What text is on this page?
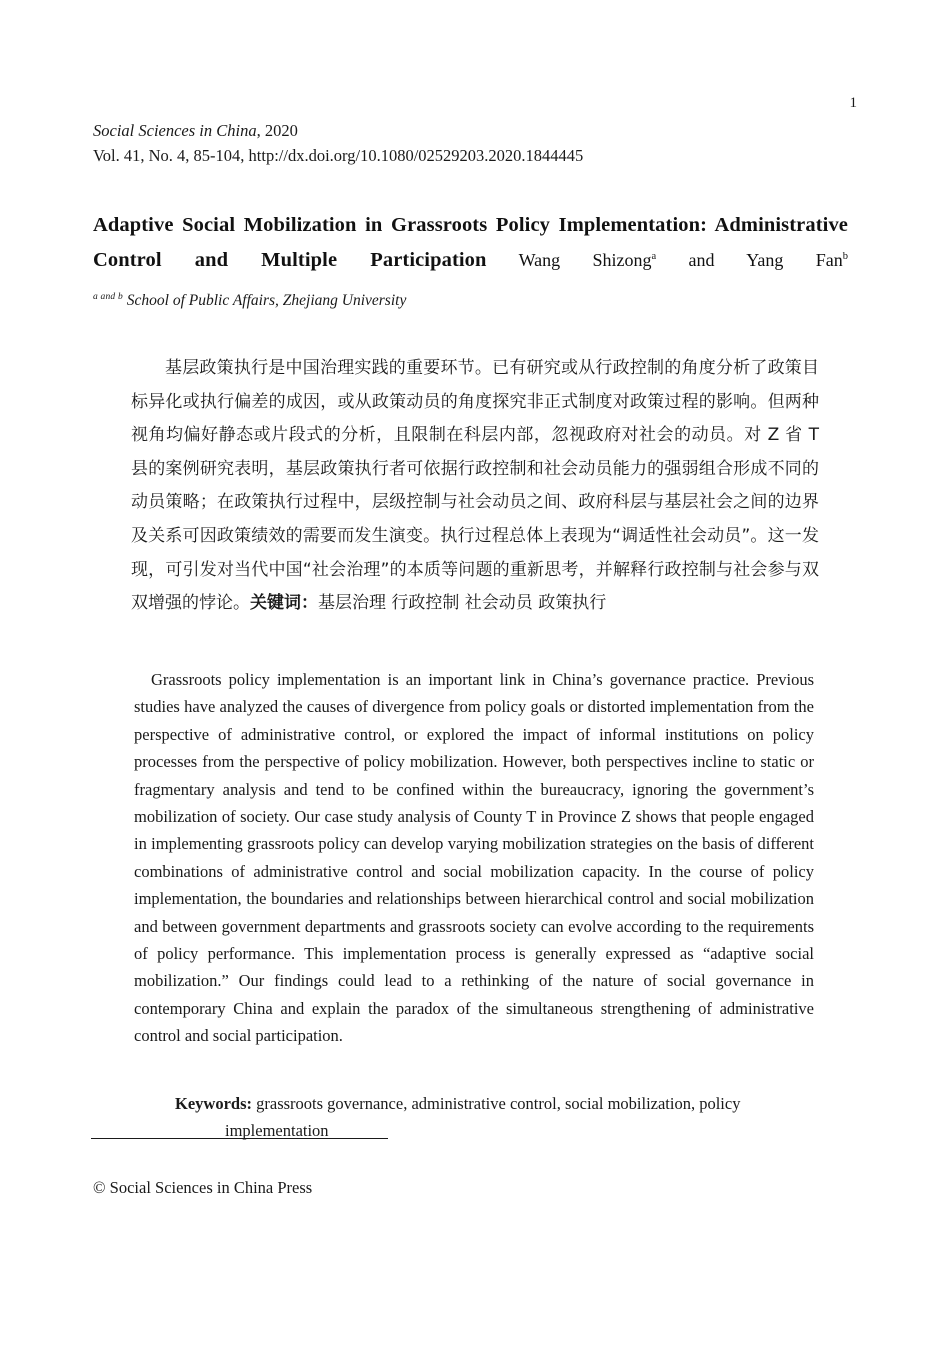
1
Social Sciences in China, 2020
Vol. 41, No. 4, 85-104, http://dx.doi.org/10.1080/02529203.2020.1844445
Adaptive Social Mobilization in Grassroots Policy Implementation: Administrative Control and Multiple Participation Wang Shizong$^a$ and Yang Fan$^b$
$^{a and b}$ School of Public Affairs, Zhejiang University
基层政策执行是中国治理实践的重要环节。已有研究或从行政控制的角度分析了政策目标异化或执行偏差的成因，或从政策动员的角度探究非正式制度对政策过程的影响。但两种视角均偏好静态或片段式的分析，且限制在科层内部，忽视政府对社会的动员。对 Z 省 T 县的案例研究表明，基层政策执行者可依据行政控制和社会动员能力的强弱组合形成不同的动员策略；在政策执行过程中，层级控制与社会动员之间、政府科层与基层社会之间的边界及关系可因政策绩效的需要而发生演变。执行过程总体上表现为“调适性社会动员”。这一发现，可引发对当代中国“社会治理”的本质等问题的重新思考，并解释行政控制与社会参与双双增强的悖论。关键词：基层治理 行政控制 社会动员 政策执行
Grassroots policy implementation is an important link in China’s governance practice. Previous studies have analyzed the causes of divergence from policy goals or distorted implementation from the perspective of administrative control, or explored the impact of informal institutions on policy processes from the perspective of policy mobilization. However, both perspectives incline to static or fragmentary analysis and tend to be confined within the bureaucracy, ignoring the government’s mobilization of society. Our case study analysis of County T in Province Z shows that people engaged in implementing grassroots policy can develop varying mobilization strategies on the basis of different combinations of administrative control and social mobilization capacity. In the course of policy implementation, the boundaries and relationships between hierarchical control and social mobilization and between government departments and grassroots society can evolve according to the requirements of policy performance. This implementation process is generally expressed as “adaptive social mobilization.” Our findings could lead to a rethinking of the nature of social governance in contemporary China and explain the paradox of the simultaneous strengthening of administrative control and social participation.
Keywords: grassroots governance, administrative control, social mobilization, policy implementation
© Social Sciences in China Press
